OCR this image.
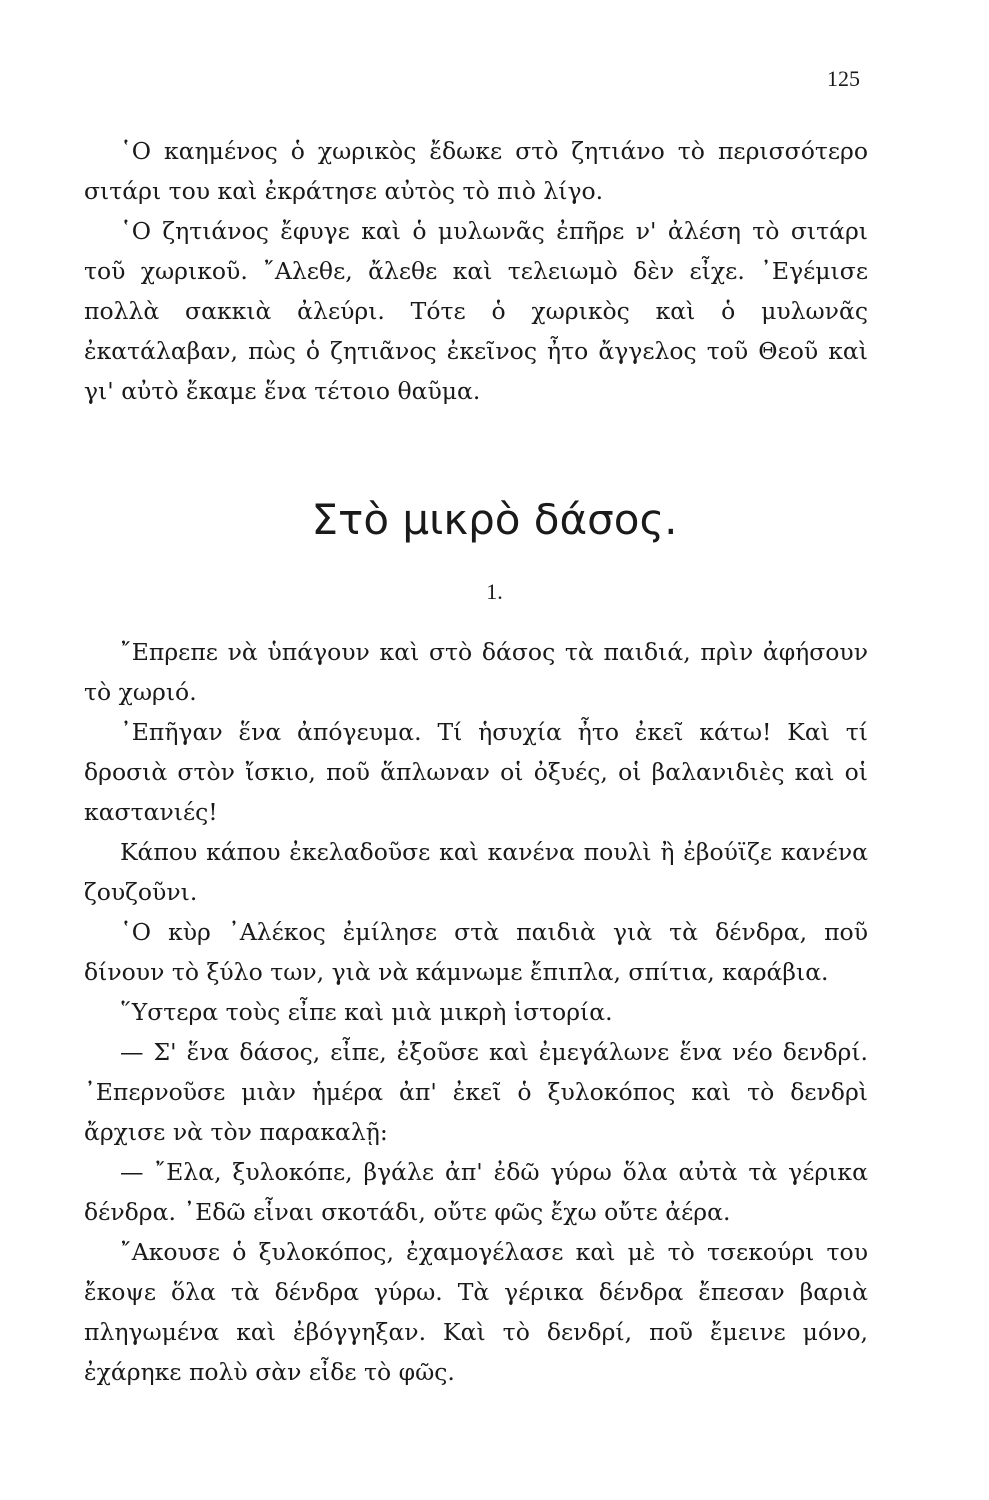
125

῾Ο καημένος ὁ χωρικὸς ἔδωκε στὸ ζητιάνο τὸ περισσότερο σιτάρι του καὶ ἐκράτησε αὐτὸς τὸ πιὸ λίγο.

῾Ο ζητιάνος ἔφυγε καὶ ὁ μυλωνᾶς ἐπῆρε ν' ἀλέση τὸ σιτάρι τοῦ χωρικοῦ. ῎Αλεθε, ἄλεθε καὶ τελειωμὸ δὲν εἶχε. ᾿Εγέμισε πολλὰ σακκιὰ ἀλεύρι. Τότε ὁ χωρικὸς καὶ ὁ μυλωνᾶς ἐκατάλαβαν, πὼς ὁ ζητιᾶνος ἐκεῖνος ἦτο ἄγγελος τοῦ Θεοῦ καὶ γι' αὐτὸ ἔκαμε ἕνα τέτοιο θαῦμα.

Στὸ μικρὸ δάσος.
1.

῎Επρεπε νὰ ὑπάγουν καὶ στὸ δάσος τὰ παιδιά, πρὶν ἀφήσουν τὸ χωριό.

᾿Επῆγαν ἕνα ἀπόγευμα. Τί ἡσυχία ἦτο ἐκεῖ κάτω! Καὶ τί δροσιὰ στὸν ἴσκιο, ποῦ ἅπλωναν οἱ ὀξυές, οἱ βαλανιδιὲς καὶ οἱ καστανιές!

Κάπου κάπου ἐκελαδοῦσε καὶ κανένα πουλὶ ἢ ἐβούϊζε κανένα ζουζοῦνι.

῾Ο κὺρ ᾿Αλέκος ἐμίλησε στὰ παιδιὰ γιὰ τὰ δένδρα, ποῦ δίνουν τὸ ξύλο των, γιὰ νὰ κάμνωμε ἔπιπλα, σπίτια, καράβια.

῞Υστερα τοὺς εἶπε καὶ μιὰ μικρὴ ἱστορία.

— Σ' ἕνα δάσος, εἶπε, ἐξοῦσε καὶ ἐμεγάλωνε ἕνα νέο δενδρί. ᾿Επερνοῦσε μιὰν ἡμέρα ἀπ' ἐκεῖ ὁ ξυλοκόπος καὶ τὸ δενδρὶ ἄρχισε νὰ τὸν παρακαλῇ:

— ῎Ελα, ξυλοκόπε, βγάλε ἀπ' ἐδῶ γύρω ὅλα αὐτὰ τὰ γέρικα δένδρα. ᾿Εδῶ εἶναι σκοτάδι, οὔτε φῶς ἔχω οὔτε ἀέρα.

῎Ακουσε ὁ ξυλοκόπος, ἐχαμογέλασε καὶ μὲ τὸ τσεκούρι του ἔκοψε ὅλα τὰ δένδρα γύρω. Τὰ γέρικα δένδρα ἔπεσαν βαριὰ πληγωμένα καὶ ἐβόγγηξαν. Καὶ τὸ δενδρί, ποῦ ἔμεινε μόνο, ἐχάρηκε πολὺ σὰν εἶδε τὸ φῶς.
